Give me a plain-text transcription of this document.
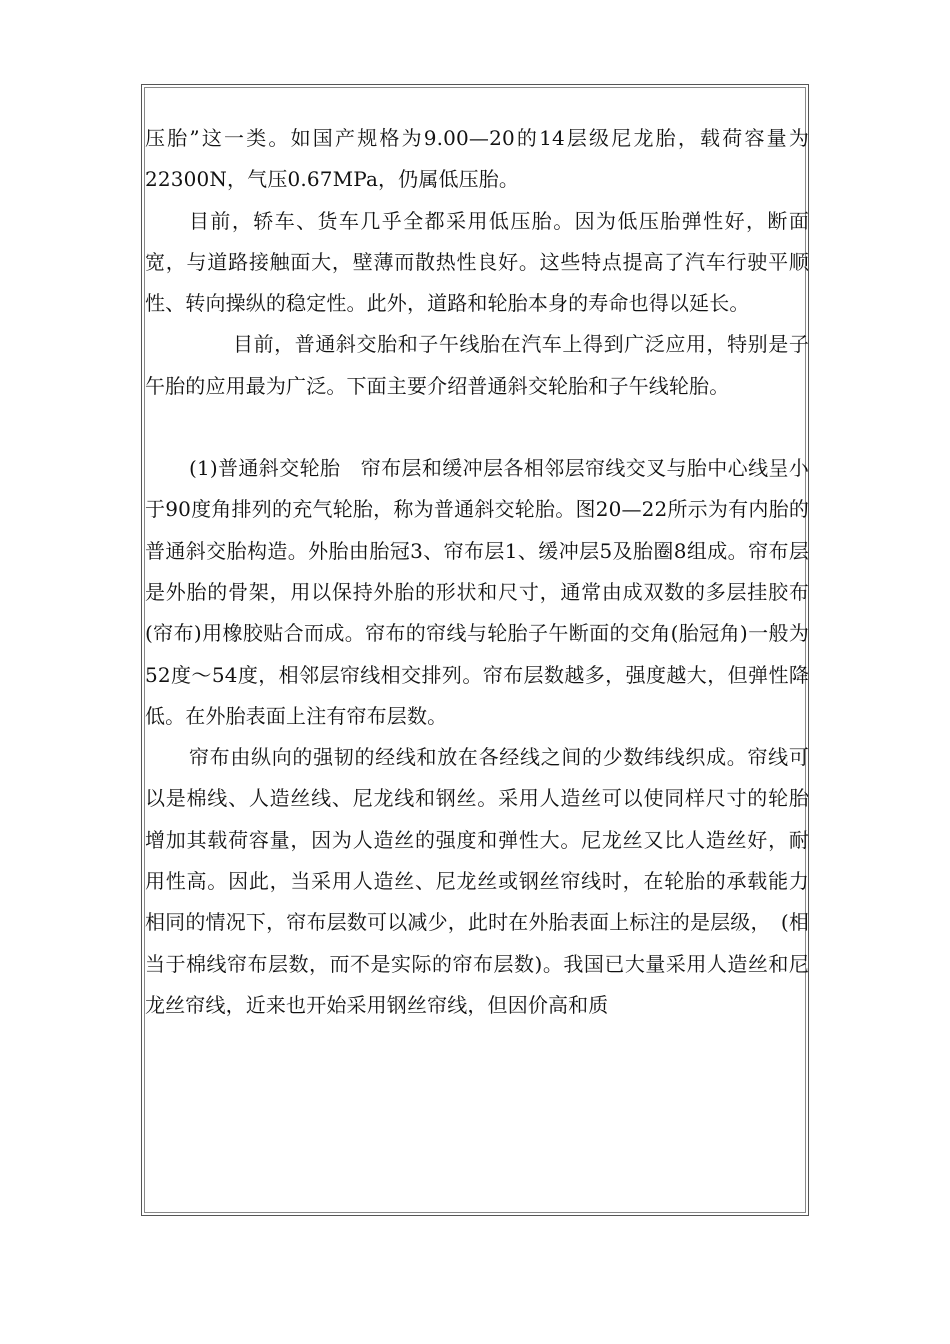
压胎”这一类。如国产规格为9.00—20的14层级尼龙胎，载荷容量为22300N，气压0.67MPa，仍属低压胎。

目前，轿车、货车几乎全都采用低压胎。因为低压胎弹性好，断面宽，与道路接触面大，壁薄而散热性良好。这些特点提高了汽车行驶平顺性、转向操纵的稳定性。此外，道路和轮胎本身的寿命也得以延长。

目前，普通斜交胎和子午线胎在汽车上得到广泛应用，特别是子午胎的应用最为广泛。下面主要介绍普通斜交轮胎和子午线轮胎。

(1)普通斜交轮胎　帘布层和缓冲层各相邻层帘线交叉与胎中心线呈小于90度角排列的充气轮胎，称为普通斜交轮胎。图20—22所示为有内胎的普通斜交胎构造。外胎由胎冠3、帘布层1、缓冲层5及胎圈8组成。帘布层是外胎的骨架，用以保持外胎的形状和尺寸，通常由成双数的多层挂胶布(帘布)用橡胶贴合而成。帘布的帘线与轮胎子午断面的交角(胎冠角)一般为52度～54度，相邻层帘线相交排列。帘布层数越多，强度越大，但弹性降低。在外胎表面上注有帘布层数。

帘布由纵向的强韧的经线和放在各经线之间的少数纬线织成。帘线可以是棉线、人造丝线、尼龙线和钢丝。采用人造丝可以使同样尺寸的轮胎增加其载荷容量，因为人造丝的强度和弹性大。尼龙丝又比人造丝好，耐用性高。因此，当采用人造丝、尼龙丝或钢丝帘线时，在轮胎的承载能力相同的情况下，帘布层数可以减少，此时在外胎表面上标注的是层级，　(相当于棉线帘布层数，而不是实际的帘布层数)。我国已大量采用人造丝和尼龙丝帘线，近来也开始采用钢丝帘线，但因价高和质
